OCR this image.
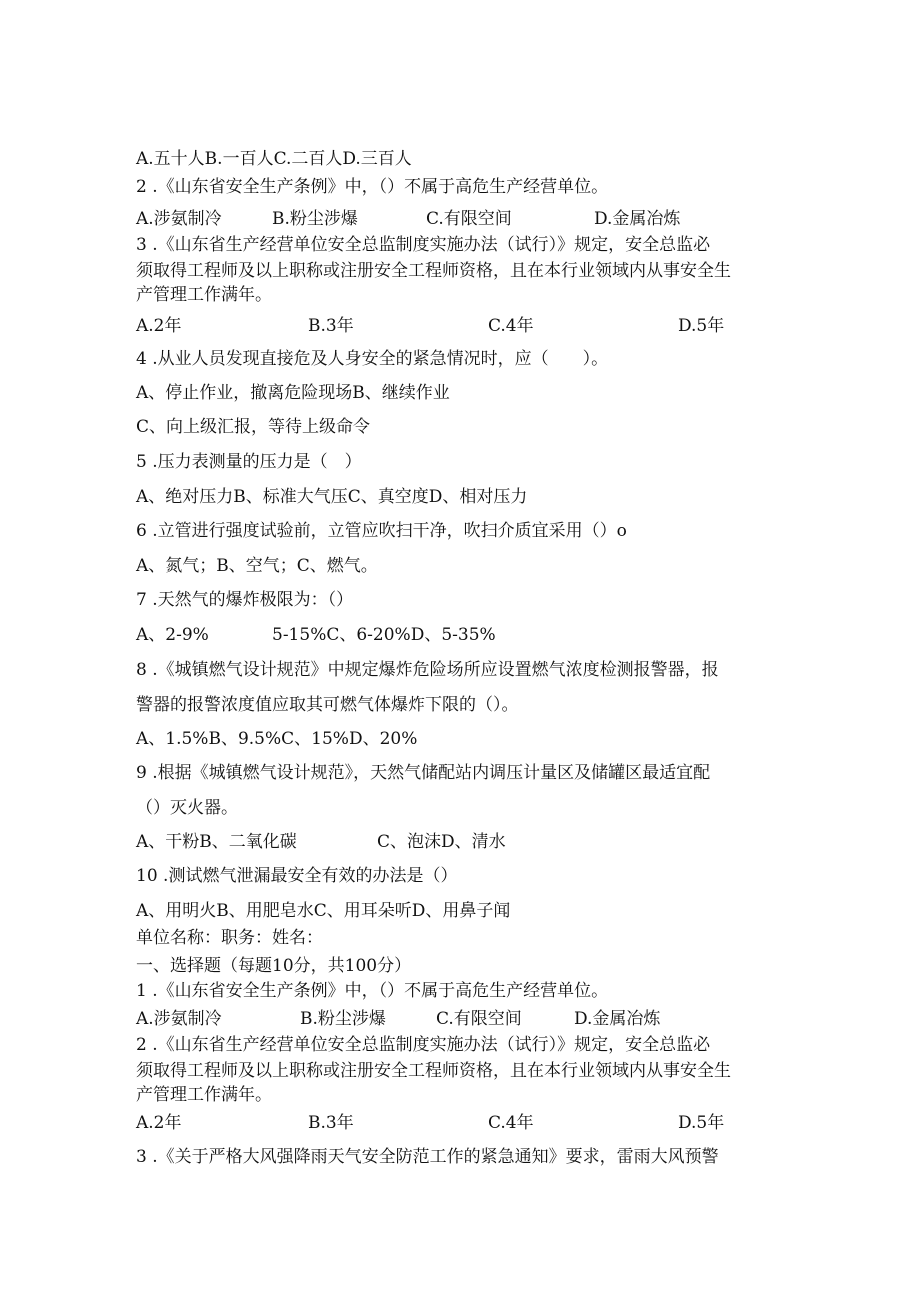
A.五十人B.一百人C.二百人D.三百人
2 .《山东省安全生产条例》中，（）不属于高危生产经营单位。
A.涉氨制冷	B.粉尘涉爆	C.有限空间	D.金属冶炼
3 .《山东省生产经营单位安全总监制度实施办法（试行）》规定，安全总监必
须取得工程师及以上职称或注册安全工程师资格，且在本行业领域内从事安全生
产管理工作满年。
A.2年	B.3年	C.4年	D.5年
4 .从业人员发现直接危及人身安全的紧急情况时，应（　　）。
A、停止作业，撤离危险现场B、继续作业
C、向上级汇报，等待上级命令
5 .压力表测量的压力是（　）
A、绝对压力B、标准大气压C、真空度D、相对压力
6 .立管进行强度试验前，立管应吹扫干净，吹扫介质宜采用（）o
A、氮气；B、空气；C、燃气。
7 .天然气的爆炸极限为：（）
A、2-9%	5-15%C、6-20%D、5-35%
8 .《城镇燃气设计规范》中规定爆炸危险场所应设置燃气浓度检测报警器，报
警器的报警浓度值应取其可燃气体爆炸下限的（）。
A、1.5%B、9.5%C、15%D、20%
9 .根据《城镇燃气设计规范》，天然气储配站内调压计量区及储罐区最适宜配
（）灭火器。
A、干粉B、二氧化碳	C、泡沫D、清水
10 .测试燃气泄漏最安全有效的办法是（）
A、用明火B、用肥皂水C、用耳朵听D、用鼻子闻
单位名称：职务：姓名：
一、选择题（每题10分，共100分）
1 .《山东省安全生产条例》中，（）不属于高危生产经营单位。
A.涉氨制冷	B.粉尘涉爆	C.有限空间	D.金属冶炼
2 .《山东省生产经营单位安全总监制度实施办法（试行）》规定，安全总监必
须取得工程师及以上职称或注册安全工程师资格，且在本行业领域内从事安全生
产管理工作满年。
A.2年	B.3年	C.4年	D.5年
3 .《关于严格大风强降雨天气安全防范工作的紧急通知》要求，雷雨大风预警
